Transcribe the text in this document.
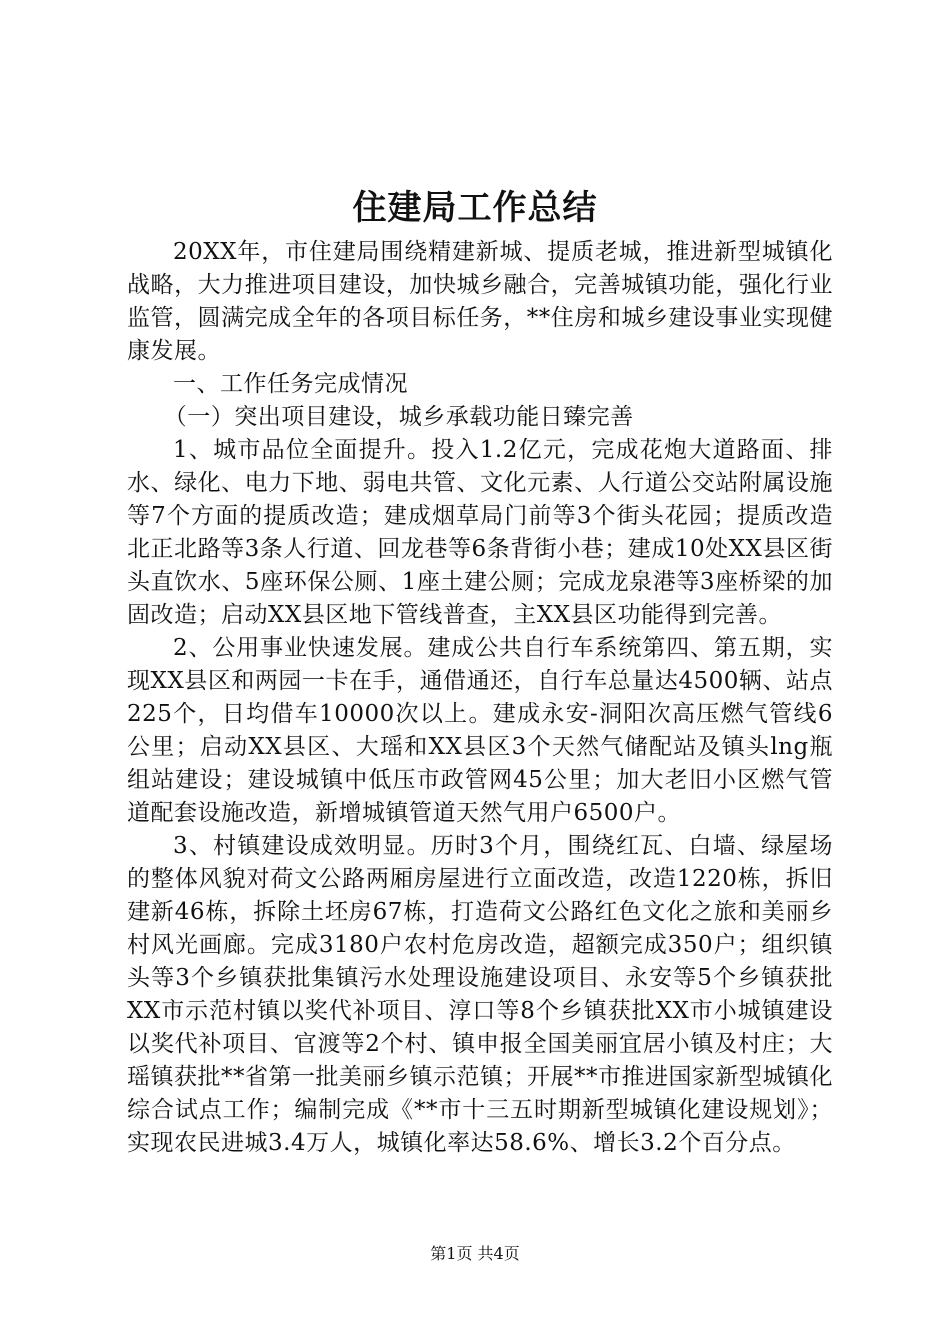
住建局工作总结

20XX年，市住建局围绕精建新城、提质老城，推进新型城镇化战略，大力推进项目建设，加快城乡融合，完善城镇功能，强化行业监管，圆满完成全年的各项目标任务，**住房和城乡建设事业实现健康发展。

一、工作任务完成情况

（一）突出项目建设，城乡承载功能日臻完善

1、城市品位全面提升。投入1.2亿元，完成花炮大道路面、排水、绿化、电力下地、弱电共管、文化元素、人行道公交站附属设施等7个方面的提质改造；建成烟草局门前等3个街头花园；提质改造北正北路等3条人行道、回龙巷等6条背街小巷；建成10处XX县区街头直饮水、5座环保公厕、1座土建公厕；完成龙泉港等3座桥梁的加固改造；启动XX县区地下管线普查，主XX县区功能得到完善。

2、公用事业快速发展。建成公共自行车系统第四、第五期，实现XX县区和两园一卡在手，通借通还，自行车总量达4500辆、站点225个，日均借车10000次以上。建成永安-洞阳次高压燃气管线6公里；启动XX县区、大瑶和XX县区3个天然气储配站及镇头lng瓶组站建设；建设城镇中低压市政管网45公里；加大老旧小区燃气管道配套设施改造，新增城镇管道天然气用户6500户。

3、村镇建设成效明显。历时3个月，围绕红瓦、白墙、绿屋场的整体风貌对荷文公路两厢房屋进行立面改造，改造1220栋，拆旧建新46栋，拆除土坯房67栋，打造荷文公路红色文化之旅和美丽乡村风光画廊。完成3180户农村危房改造，超额完成350户；组织镇头等3个乡镇获批集镇污水处理设施建设项目、永安等5个乡镇获批XX市示范村镇以奖代补项目、淳口等8个乡镇获批XX市小城镇建设以奖代补项目、官渡等2个村、镇申报全国美丽宜居小镇及村庄；大瑶镇获批**省第一批美丽乡镇示范镇；开展**市推进国家新型城镇化综合试点工作；编制完成《**市十三五时期新型城镇化建设规划》；实现农民进城3.4万人，城镇化率达58.6%、增长3.2个百分点。

第1页 共4页
